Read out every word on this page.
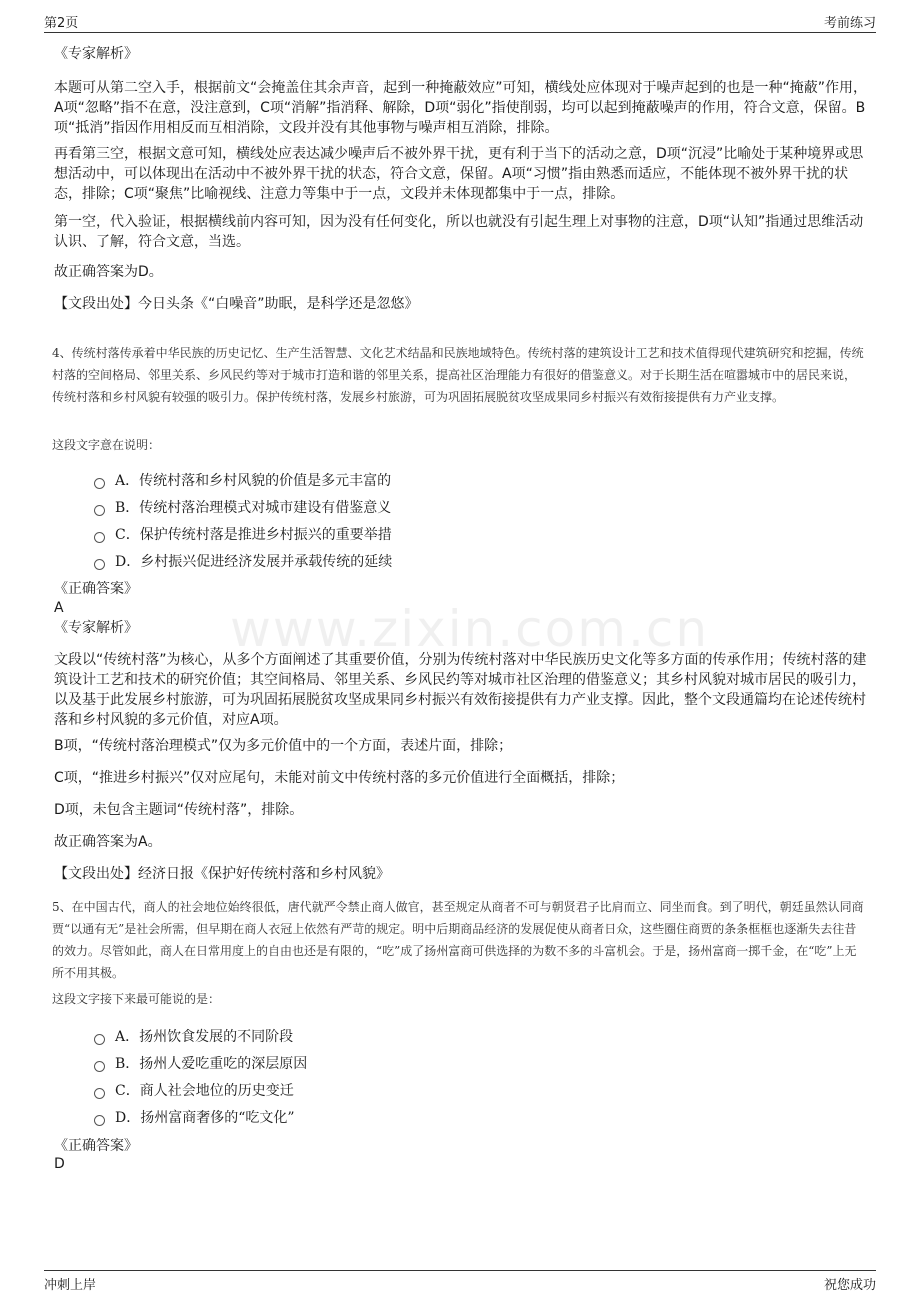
第2页	考前练习
www.zixin.com.cn
《专家解析》
本题可从第二空入手，根据前文“会掩盖住其余声音，起到一种掩蔽效应”可知，横线处应体现对于噪声起到的也是一种“掩蔽”作用，A项“忽略”指不在意，没注意到，C项“消解”指消释、解除，D项“弱化”指使削弱，均可以起到掩蔽噪声的作用，符合文意，保留。B项“抵消”指因作用相反而互相消除，文段并没有其他事物与噪声相互消除，排除。
再看第三空，根据文意可知，横线处应表达减少噪声后不被外界干扰，更有利于当下的活动之意，D项“沉浸”比喻处于某种境界或思想活动中，可以体现出在活动中不被外界干扰的状态，符合文意，保留。A项“习惯”指由熟悉而适应，不能体现不被外界干扰的状态，排除；C项“聚焦”比喻视线、注意力等集中于一点，文段并未体现都集中于一点，排除。
第一空，代入验证，根据横线前内容可知，因为没有任何变化，所以也就没有引起生理上对事物的注意，D项“认知”指通过思维活动认识、了解，符合文意，当选。
故正确答案为D。
【文段出处】今日头条《“白噪音”助眠，是科学还是忽悠》
4、传统村落传承着中华民族的历史记忆、生产生活智慧、文化艺术结晶和民族地域特色。传统村落的建筑设计工艺和技术值得现代建筑研究和挖掘，传统村落的空间格局、邻里关系、乡风民约等对于城市打造和谐的邻里关系，提高社区治理能力有很好的借鉴意义。对于长期生活在喧嚣城市中的居民来说，传统村落和乡村风貌有较强的吸引力。保护传统村落，发展乡村旅游，可为巩固拓展脱贫攻坚成果同乡村振兴有效衔接提供有力产业支撑。
这段文字意在说明：
A．传统村落和乡村风貌的价值是多元丰富的
B．传统村落治理模式对城市建设有借鉴意义
C．保护传统村落是推进乡村振兴的重要举措
D．乡村振兴促进经济发展并承载传统的延续
《正确答案》
A
《专家解析》
文段以“传统村落”为核心，从多个方面阐述了其重要价值，分别为传统村落对中华民族历史文化等多方面的传承作用；传统村落的建筑设计工艺和技术的研究价值；其空间格局、邻里关系、乡风民约等对城市社区治理的借鉴意义；其乡村风貌对城市居民的吸引力，以及基于此发展乡村旅游，可为巩固拓展脱贫攻坚成果同乡村振兴有效衔接提供有力产业支撑。因此，整个文段通篇均在论述传统村落和乡村风貌的多元价值，对应A项。
B项，“传统村落治理模式”仅为多元价值中的一个方面，表述片面，排除；
C项，“推进乡村振兴”仅对应尾句，未能对前文中传统村落的多元价值进行全面概括，排除；
D项，未包含主题词“传统村落”，排除。
故正确答案为A。
【文段出处】经济日报《保护好传统村落和乡村风貌》
5、在中国古代，商人的社会地位始终很低，唐代就严令禁止商人做官，甚至规定从商者不可与朝贤君子比肩而立、同坐而食。到了明代，朝廷虽然认同商贾“以通有无”是社会所需，但早期在商人衣冠上依然有严苛的规定。明中后期商品经济的发展促使从商者日众，这些圈住商贾的条条框框也逐渐失去往昔的效力。尽管如此，商人在日常用度上的自由也还是有限的，“吃”成了扬州富商可供选择的为数不多的斗富机会。于是，扬州富商一掷千金，在“吃”上无所不用其极。
这段文字接下来最可能说的是：
A．扬州饮食发展的不同阶段
B．扬州人爱吃重吃的深层原因
C．商人社会地位的历史变迁
D．扬州富商奢侈的“吃文化”
《正确答案》
D
冲刺上岸	祝您成功
